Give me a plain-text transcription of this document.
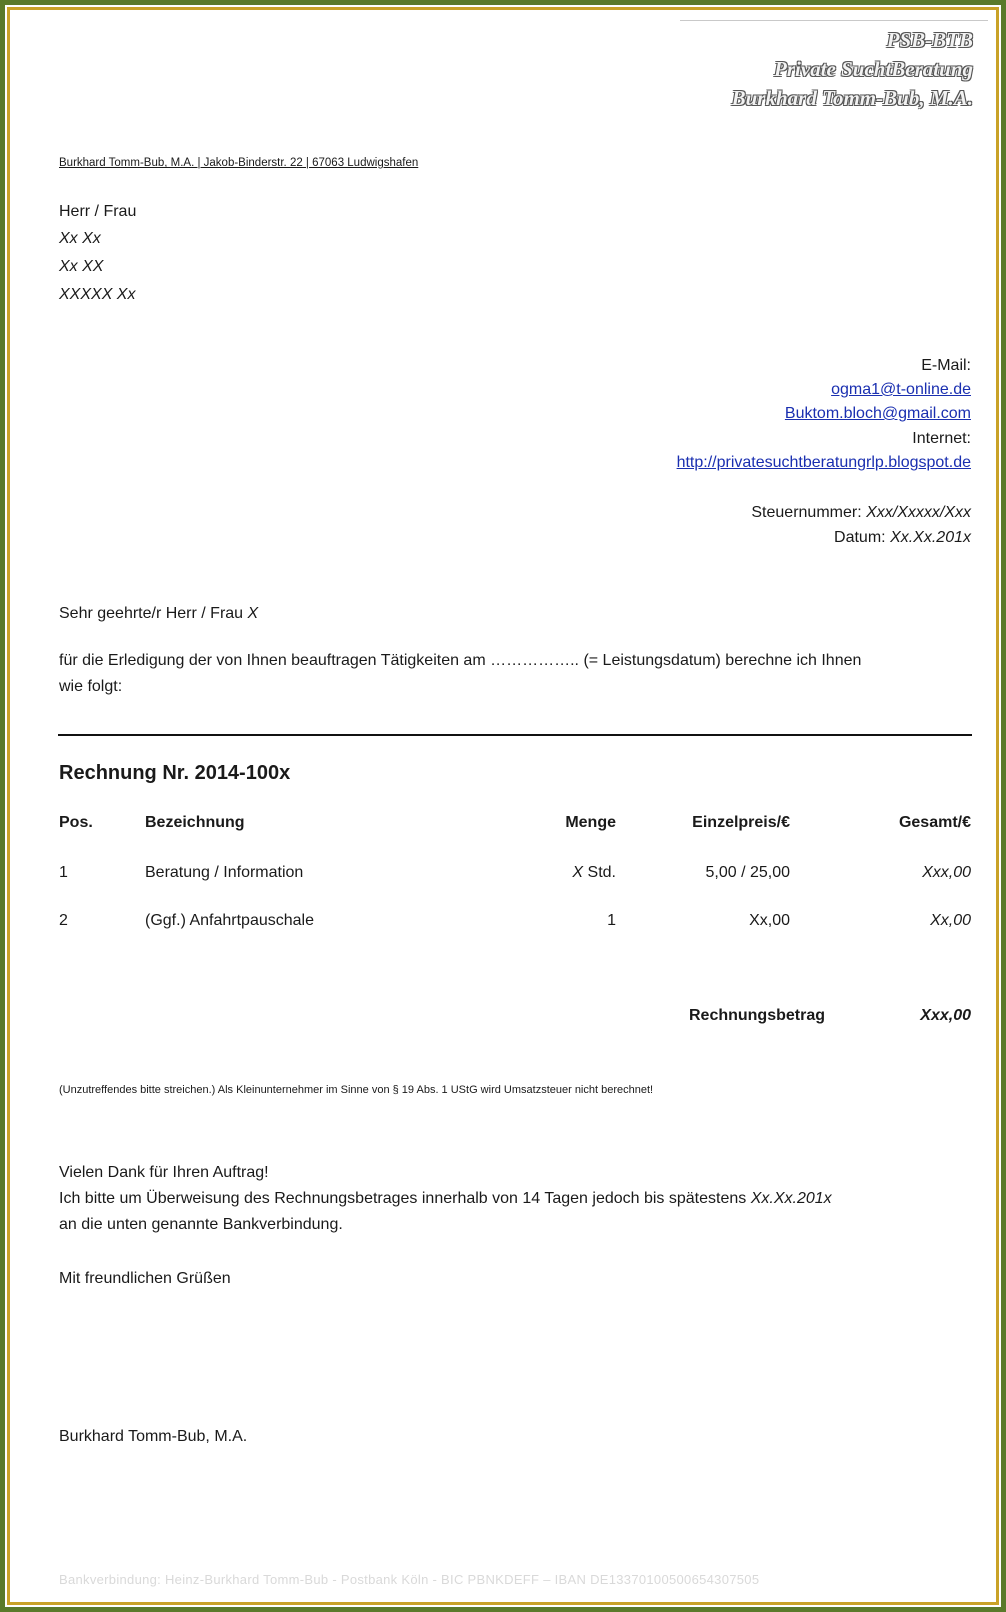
PSB-BTB
Private SuchtBeratung
Burkhard Tomm-Bub, M.A.
Burkhard Tomm-Bub, M.A. | Jakob-Binderstr. 22 | 67063 Ludwigshafen
Herr / Frau
Xx Xx
Xx XX
XXXXX Xx
E-Mail:
ogma1@t-online.de
Buktom.bloch@gmail.com
Internet:
http://privatesuchtberatungrlp.blogspot.de
Steuernummer: Xxx/Xxxxx/Xxx
Datum: Xx.Xx.201x
Sehr geehrte/r Herr / Frau X
für die Erledigung der von Ihnen beauftragen Tätigkeiten am …………….. (= Leistungsdatum) berechne ich Ihnen
wie folgt:
Rechnung Nr. 2014-100x
Pos.	Bezeichnung	Menge	Einzelpreis/€	Gesamt/€
1	Beratung / Information	X Std.	5,00 / 25,00	Xxx,00
2	(Ggf.) Anfahrtpauschale	1	Xx,00	Xx,00
Rechnungsbetrag	Xxx,00
(Unzutreffendes bitte streichen.) Als Kleinunternehmer im Sinne von § 19 Abs. 1 UStG wird Umsatzsteuer nicht berechnet!
Vielen Dank für Ihren Auftrag!
Ich bitte um Überweisung des Rechnungsbetrages innerhalb von 14 Tagen jedoch bis spätestens Xx.Xx.201x
an die unten genannte Bankverbindung.
Mit freundlichen Grüßen
Burkhard Tomm-Bub, M.A.
Bankverbindung: Heinz-Burkhard Tomm-Bub - Postbank Köln - BIC PBNKDEFF – IBAN DE13370100500654307505
